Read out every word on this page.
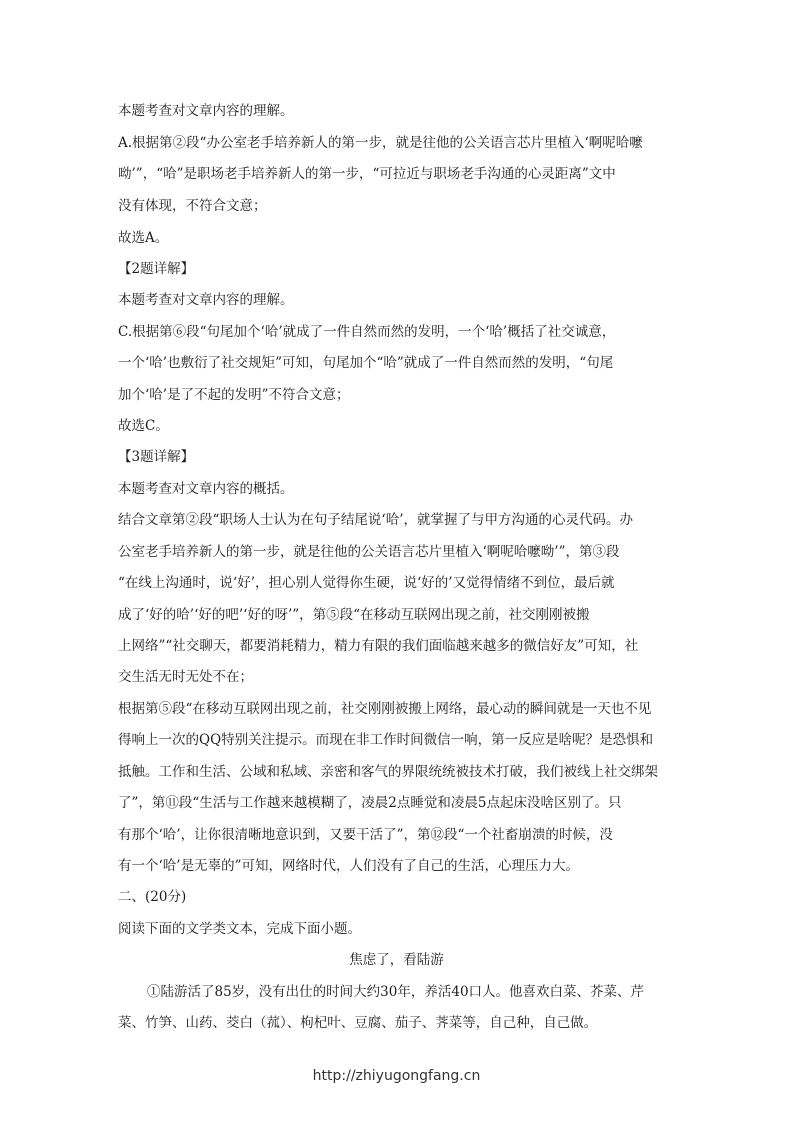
本题考查对文章内容的理解。
A.根据第②段“办公室老手培养新人的第一步，就是往他的公关语言芯片里植入‘啊呢哈嚒
呦’”，“哈”是职场老手培养新人的第一步，“可拉近与职场老手沟通的心灵距离”文中
没有体现，不符合文意；
故选A。
【2题详解】
本题考查对文章内容的理解。
C.根据第⑥段“句尾加个‘哈’就成了一件自然而然的发明，一个‘哈’概括了社交诚意，
一个‘哈’也敷衍了社交规矩”可知，句尾加个“哈”就成了一件自然而然的发明，“句尾
加个‘哈’是了不起的发明”不符合文意；
故选C。
【3题详解】
本题考查对文章内容的概括。
结合文章第②段“职场人士认为在句子结尾说‘哈’，就掌握了与甲方沟通的心灵代码。办
公室老手培养新人的第一步，就是往他的公关语言芯片里植入‘啊呢哈嚒呦’”，第③段
“在线上沟通时，说‘好’，担心别人觉得你生硬，说‘好的’又觉得情绪不到位，最后就
成了‘好的哈’‘好的吧’‘好的呀’”，第⑤段“在移动互联网出现之前，社交刚刚被搬
上网络”“社交聊天，都要消耗精力，精力有限的我们面临越来越多的微信好友”可知，社
交生活无时无处不在；
根据第⑤段“在移动互联网出现之前，社交刚刚被搬上网络，最心动的瞬间就是一天也不见
得响上一次的QQ特别关注提示。而现在非工作时间微信一响，第一反应是啥呢？是恐惧和
抵触。工作和生活、公域和私域、亲密和客气的界限统统被技术打破，我们被线上社交绑架
了”，第⑪段“生活与工作越来越模糊了，凌晨2点睡觉和凌晨5点起床没啥区别了。只
有那个‘哈’，让你很清晰地意识到，又要干活了”，第⑫段“一个社畜崩溃的时候，没
有一个‘哈’是无辜的”可知，网络时代，人们没有了自己的生活，心理压力大。
二、(20分)
阅读下面的文学类文本，完成下面小题。
焦虑了，看陆游
①陆游活了85岁，没有出仕的时间大约30年，养活40口人。他喜欢白菜、芥菜、芹
菜、竹笋、山药、茭白（菰）、枸杞叶、豆腐、茄子、荠菜等，自己种，自己做。
http://zhiyugongfang.cn
